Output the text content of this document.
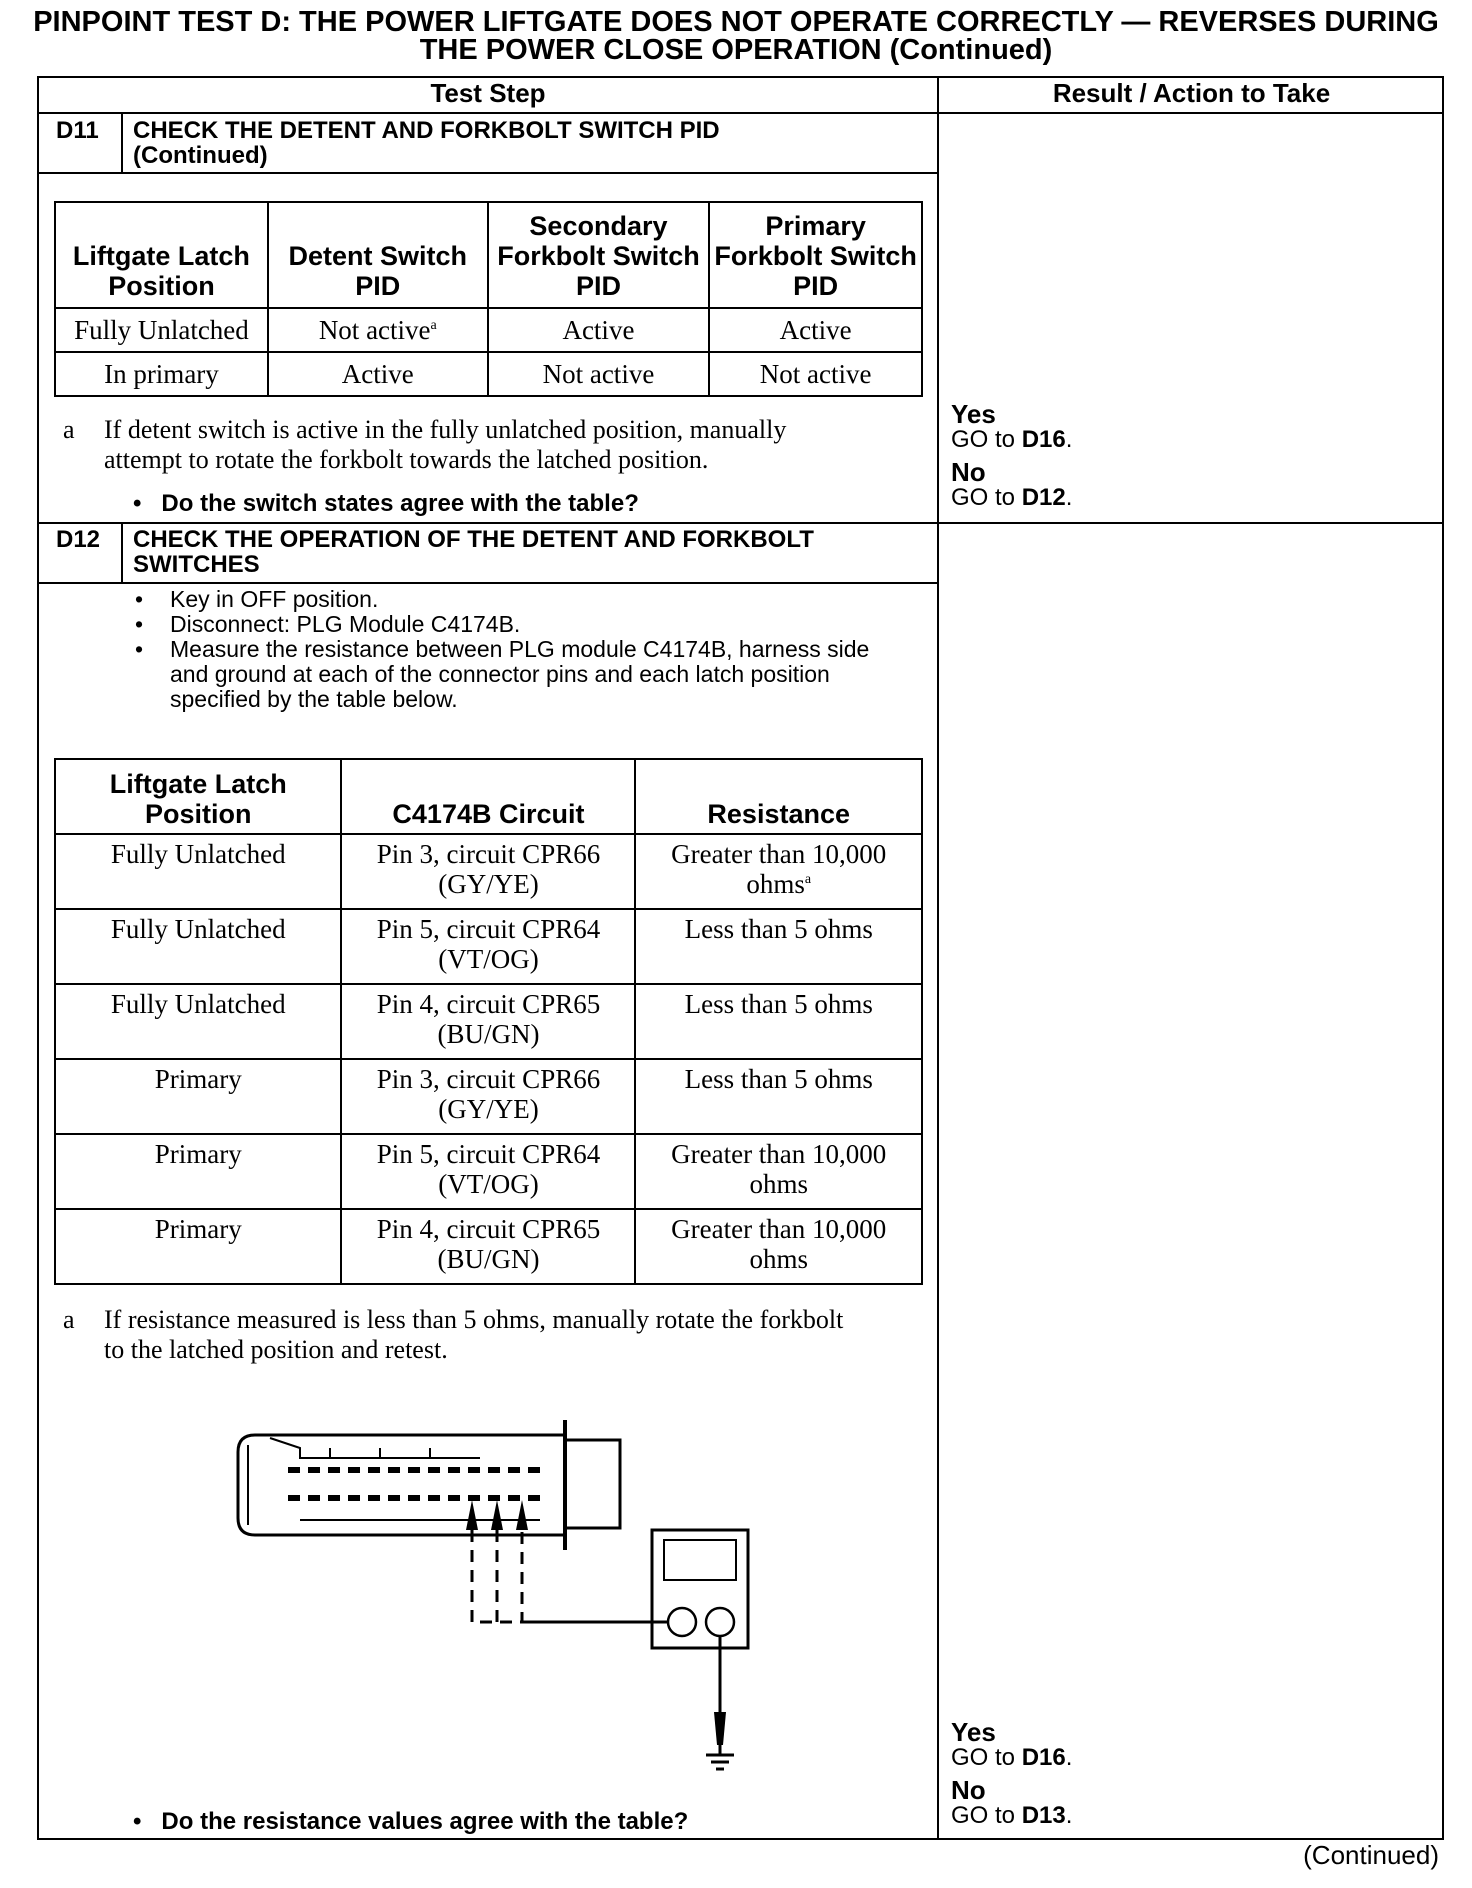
PINPOINT TEST D: THE POWER LIFTGATE DOES NOT OPERATE CORRECTLY — REVERSES DURING
THE POWER CLOSE OPERATION (Continued)
Test Step	Result / Action to Take
D11 CHECK THE DETENT AND FORKBOLT SWITCH PID
(Continued)
Liftgate Latch Position	Detent Switch PID	Secondary Forkbolt Switch PID	Primary Forkbolt Switch PID
Fully Unlatched	Not active$^a$	Active	Active
In primary	Active	Not active	Not active
a If detent switch is active in the fully unlatched position, manually attempt to rotate the forkbolt towards the latched position.
• Do the switch states agree with the table?
Yes
GO to D16.
No
GO to D12.
D12 CHECK THE OPERATION OF THE DETENT AND FORKBOLT
SWITCHES
• Key in OFF position.
• Disconnect: PLG Module C4174B.
• Measure the resistance between PLG module C4174B, harness side and ground at each of the connector pins and each latch position specified by the table below.
Liftgate Latch Position	C4174B Circuit	Resistance
Fully Unlatched	Pin 3, circuit CPR66 (GY/YE)	Greater than 10,000 ohms$^a$
Fully Unlatched	Pin 5, circuit CPR64 (VT/OG)	Less than 5 ohms
Fully Unlatched	Pin 4, circuit CPR65 (BU/GN)	Less than 5 ohms
Primary	Pin 3, circuit CPR66 (GY/YE)	Less than 5 ohms
Primary	Pin 5, circuit CPR64 (VT/OG)	Greater than 10,000 ohms
Primary	Pin 4, circuit CPR65 (BU/GN)	Greater than 10,000 ohms
a If resistance measured is less than 5 ohms, manually rotate the forkbolt to the latched position and retest.
• Do the resistance values agree with the table?
Yes
GO to D16.
No
GO to D13.
(Continued)
